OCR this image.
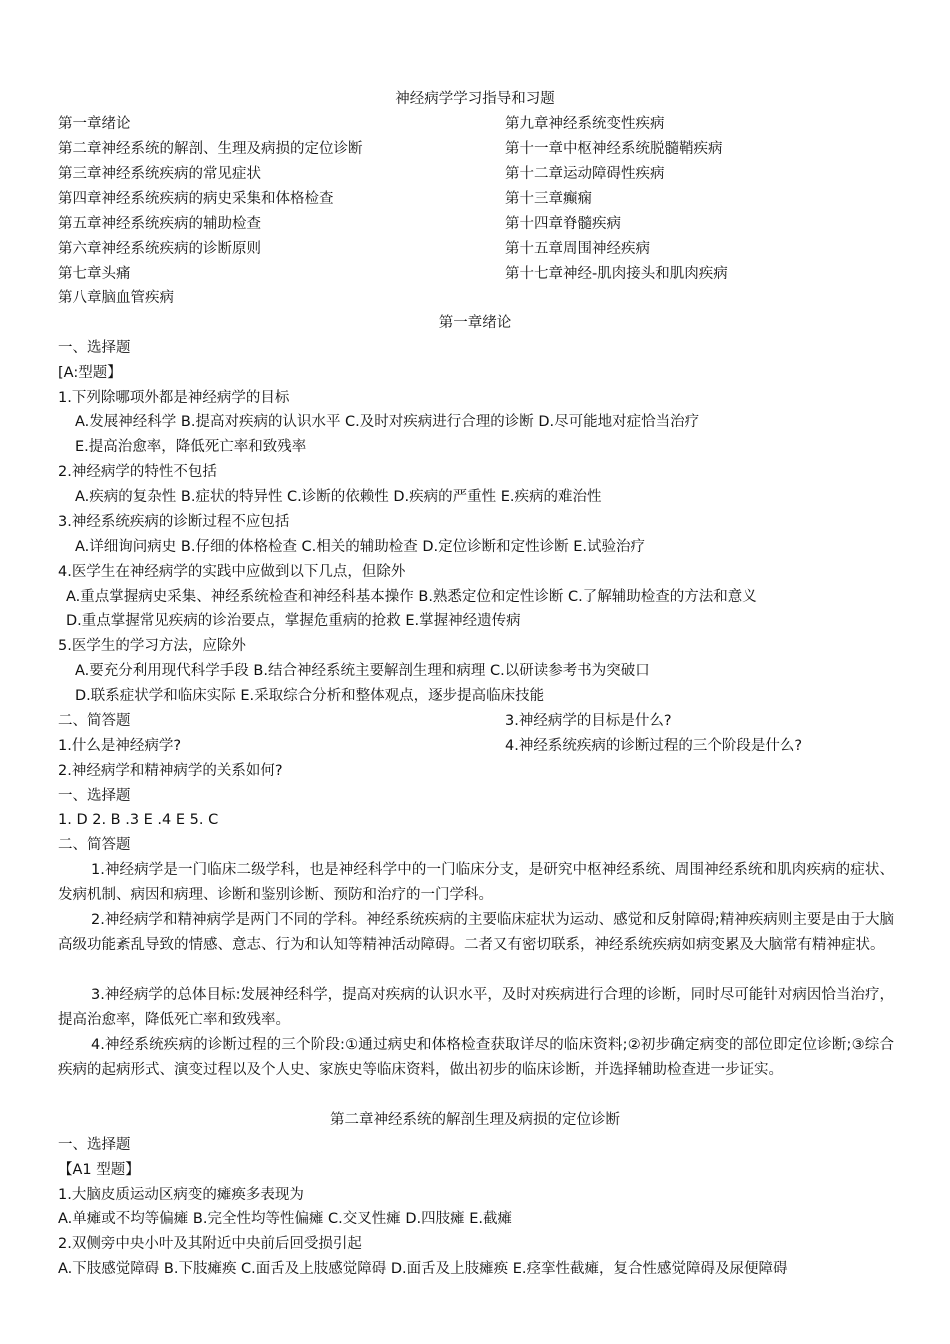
神经病学学习指导和习题
第一章绪论
第二章神经系统的解剖、生理及病损的定位诊断
第三章神经系统疾病的常见症状
第四章神经系统疾病的病史采集和体格检查
第五章神经系统疾病的辅助检查
第六章神经系统疾病的诊断原则
第七章头痛
第八章脑血管疾病
第九章神经系统变性疾病
第十一章中枢神经系统脱髓鞘疾病
第十二章运动障碍性疾病
第十三章癫痫
第十四章脊髓疾病
第十五章周围神经疾病
第十七章神经-肌肉接头和肌肉疾病
第一章绪论
一、选择题
[A:型题】
1.下列除哪项外都是神经病学的目标
A.发展神经科学 B.提高对疾病的认识水平 C.及时对疾病进行合理的诊断 D.尽可能地对症恰当治疗
E.提高治愈率，降低死亡率和致残率
2.神经病学的特性不包括
A.疾病的复杂性 B.症状的特异性 C.诊断的依赖性 D.疾病的严重性 E.疾病的难治性
3.神经系统疾病的诊断过程不应包括
A.详细询问病史 B.仔细的体格检查 C.相关的辅助检查 D.定位诊断和定性诊断 E.试验治疗
4.医学生在神经病学的实践中应做到以下几点，但除外
A.重点掌握病史采集、神经系统检查和神经科基本操作 B.熟悉定位和定性诊断 C.了解辅助检查的方法和意义
D.重点掌握常见疾病的诊治要点，掌握危重病的抢救 E.掌握神经遗传病
5.医学生的学习方法，应除外
A.要充分利用现代科学手段 B.结合神经系统主要解剖生理和病理 C.以研读参考书为突破口
D.联系症状学和临床实际 E.采取综合分析和整体观点，逐步提高临床技能
二、简答题
1.什么是神经病学?
2.神经病学和精神病学的关系如何?
3.神经病学的目标是什么?
4.神经系统疾病的诊断过程的三个阶段是什么?
一、选择题
1. D 2. B .3 E .4 E 5. C
二、简答题
1.神经病学是一门临床二级学科，也是神经科学中的一门临床分支，是研究中枢神经系统、周围神经系统和肌肉疾病的症状、发病机制、病因和病理、诊断和鉴别诊断、预防和治疗的一门学科。
2.神经病学和精神病学是两门不同的学科。神经系统疾病的主要临床症状为运动、感觉和反射障碍;精神疾病则主要是由于大脑高级功能紊乱导致的情感、意志、行为和认知等精神活动障碍。二者又有密切联系，神经系统疾病如病变累及大脑常有精神症状。
3.神经病学的总体目标:发展神经科学，提高对疾病的认识水平，及时对疾病进行合理的诊断，同时尽可能针对病因恰当治疗，提高治愈率，降低死亡率和致残率。
4.神经系统疾病的诊断过程的三个阶段:①通过病史和体格检查获取详尽的临床资料;②初步确定病变的部位即定位诊断;③综合疾病的起病形式、演变过程以及个人史、家族史等临床资料，做出初步的临床诊断，并选择辅助检查进一步证实。
第二章神经系统的解剖生理及病损的定位诊断
一、选择题
【A1 型题】
1.大脑皮质运动区病变的瘫痪多表现为
A.单瘫或不均等偏瘫 B.完全性均等性偏瘫 C.交叉性瘫 D.四肢瘫 E.截瘫
2.双侧旁中央小叶及其附近中央前后回受损引起
A.下肢感觉障碍 B.下肢瘫痪 C.面舌及上肢感觉障碍 D.面舌及上肢瘫痪 E.痉挛性截瘫，复合性感觉障碍及尿便障碍
